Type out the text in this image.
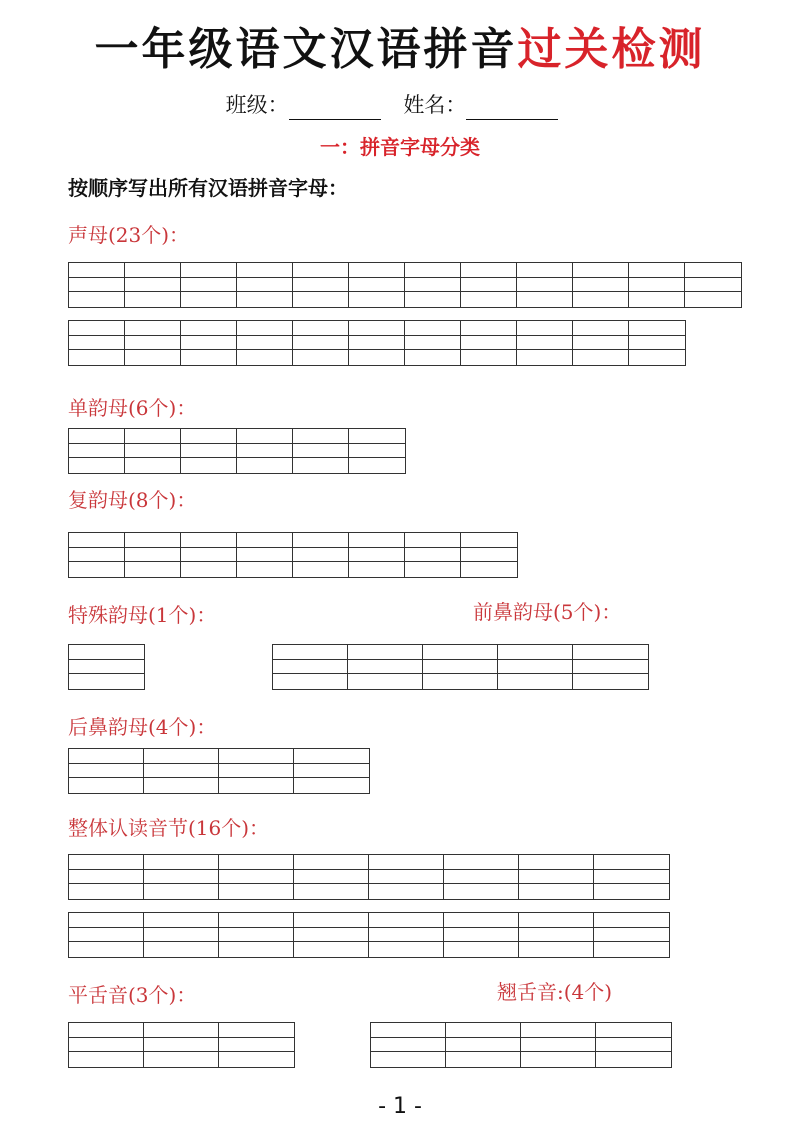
一年级语文汉语拼音过关检测
班级：	姓名：
一：拼音字母分类
按顺序写出所有汉语拼音字母：
声母(23个)：
单韵母(6个)：
复韵母(8个)：
特殊韵母(1个)：	前鼻韵母(5个)：
后鼻韵母(4个)：
整体认读音节(16个)：
平舌音(3个)：	翘舌音:(4个)
- 1 -
